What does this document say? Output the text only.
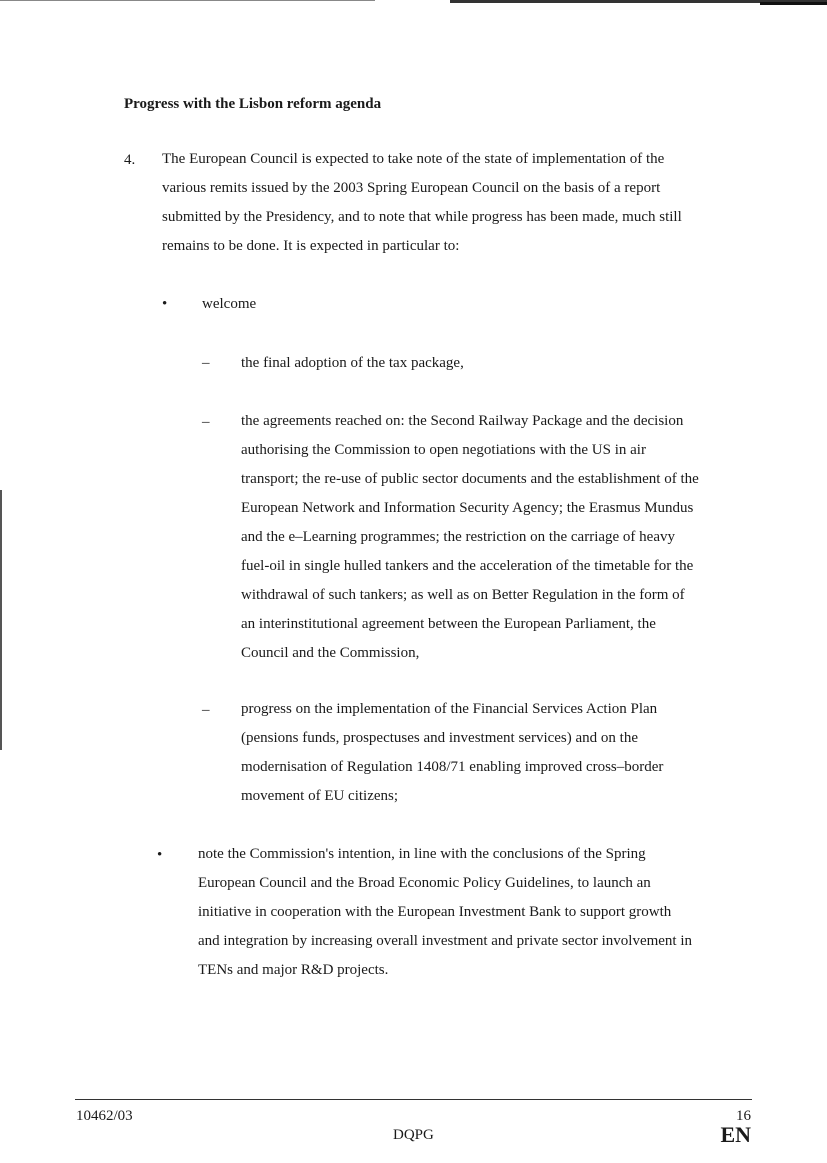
Progress with the Lisbon reform agenda
4. The European Council is expected to take note of the state of implementation of the
various remits issued by the 2003 Spring European Council on the basis of a report
submitted by the Presidency, and to note that while progress has been made, much still
remains to be done. It is expected in particular to:
• welcome
– the final adoption of the tax package,
– the agreements reached on: the Second Railway Package and the decision
authorising the Commission to open negotiations with the US in air
transport; the re-use of public sector documents and the establishment of the
European Network and Information Security Agency; the Erasmus Mundus
and the e–Learning programmes; the restriction on the carriage of heavy
fuel-oil in single hulled tankers and the acceleration of the timetable for the
withdrawal of such tankers; as well as on Better Regulation in the form of
an interinstitutional agreement between the European Parliament, the
Council and the Commission,
– progress on the implementation of the Financial Services Action Plan
(pensions funds, prospectuses and investment services) and on the
modernisation of Regulation 1408/71 enabling improved cross–border
movement of EU citizens;
• note the Commission's intention, in line with the conclusions of the Spring
European Council and the Broad Economic Policy Guidelines, to launch an
initiative in cooperation with the European Investment Bank to support growth
and integration by increasing overall investment and private sector involvement in
TENs and major R&D projects.
10462/03
DQPG
16
EN
